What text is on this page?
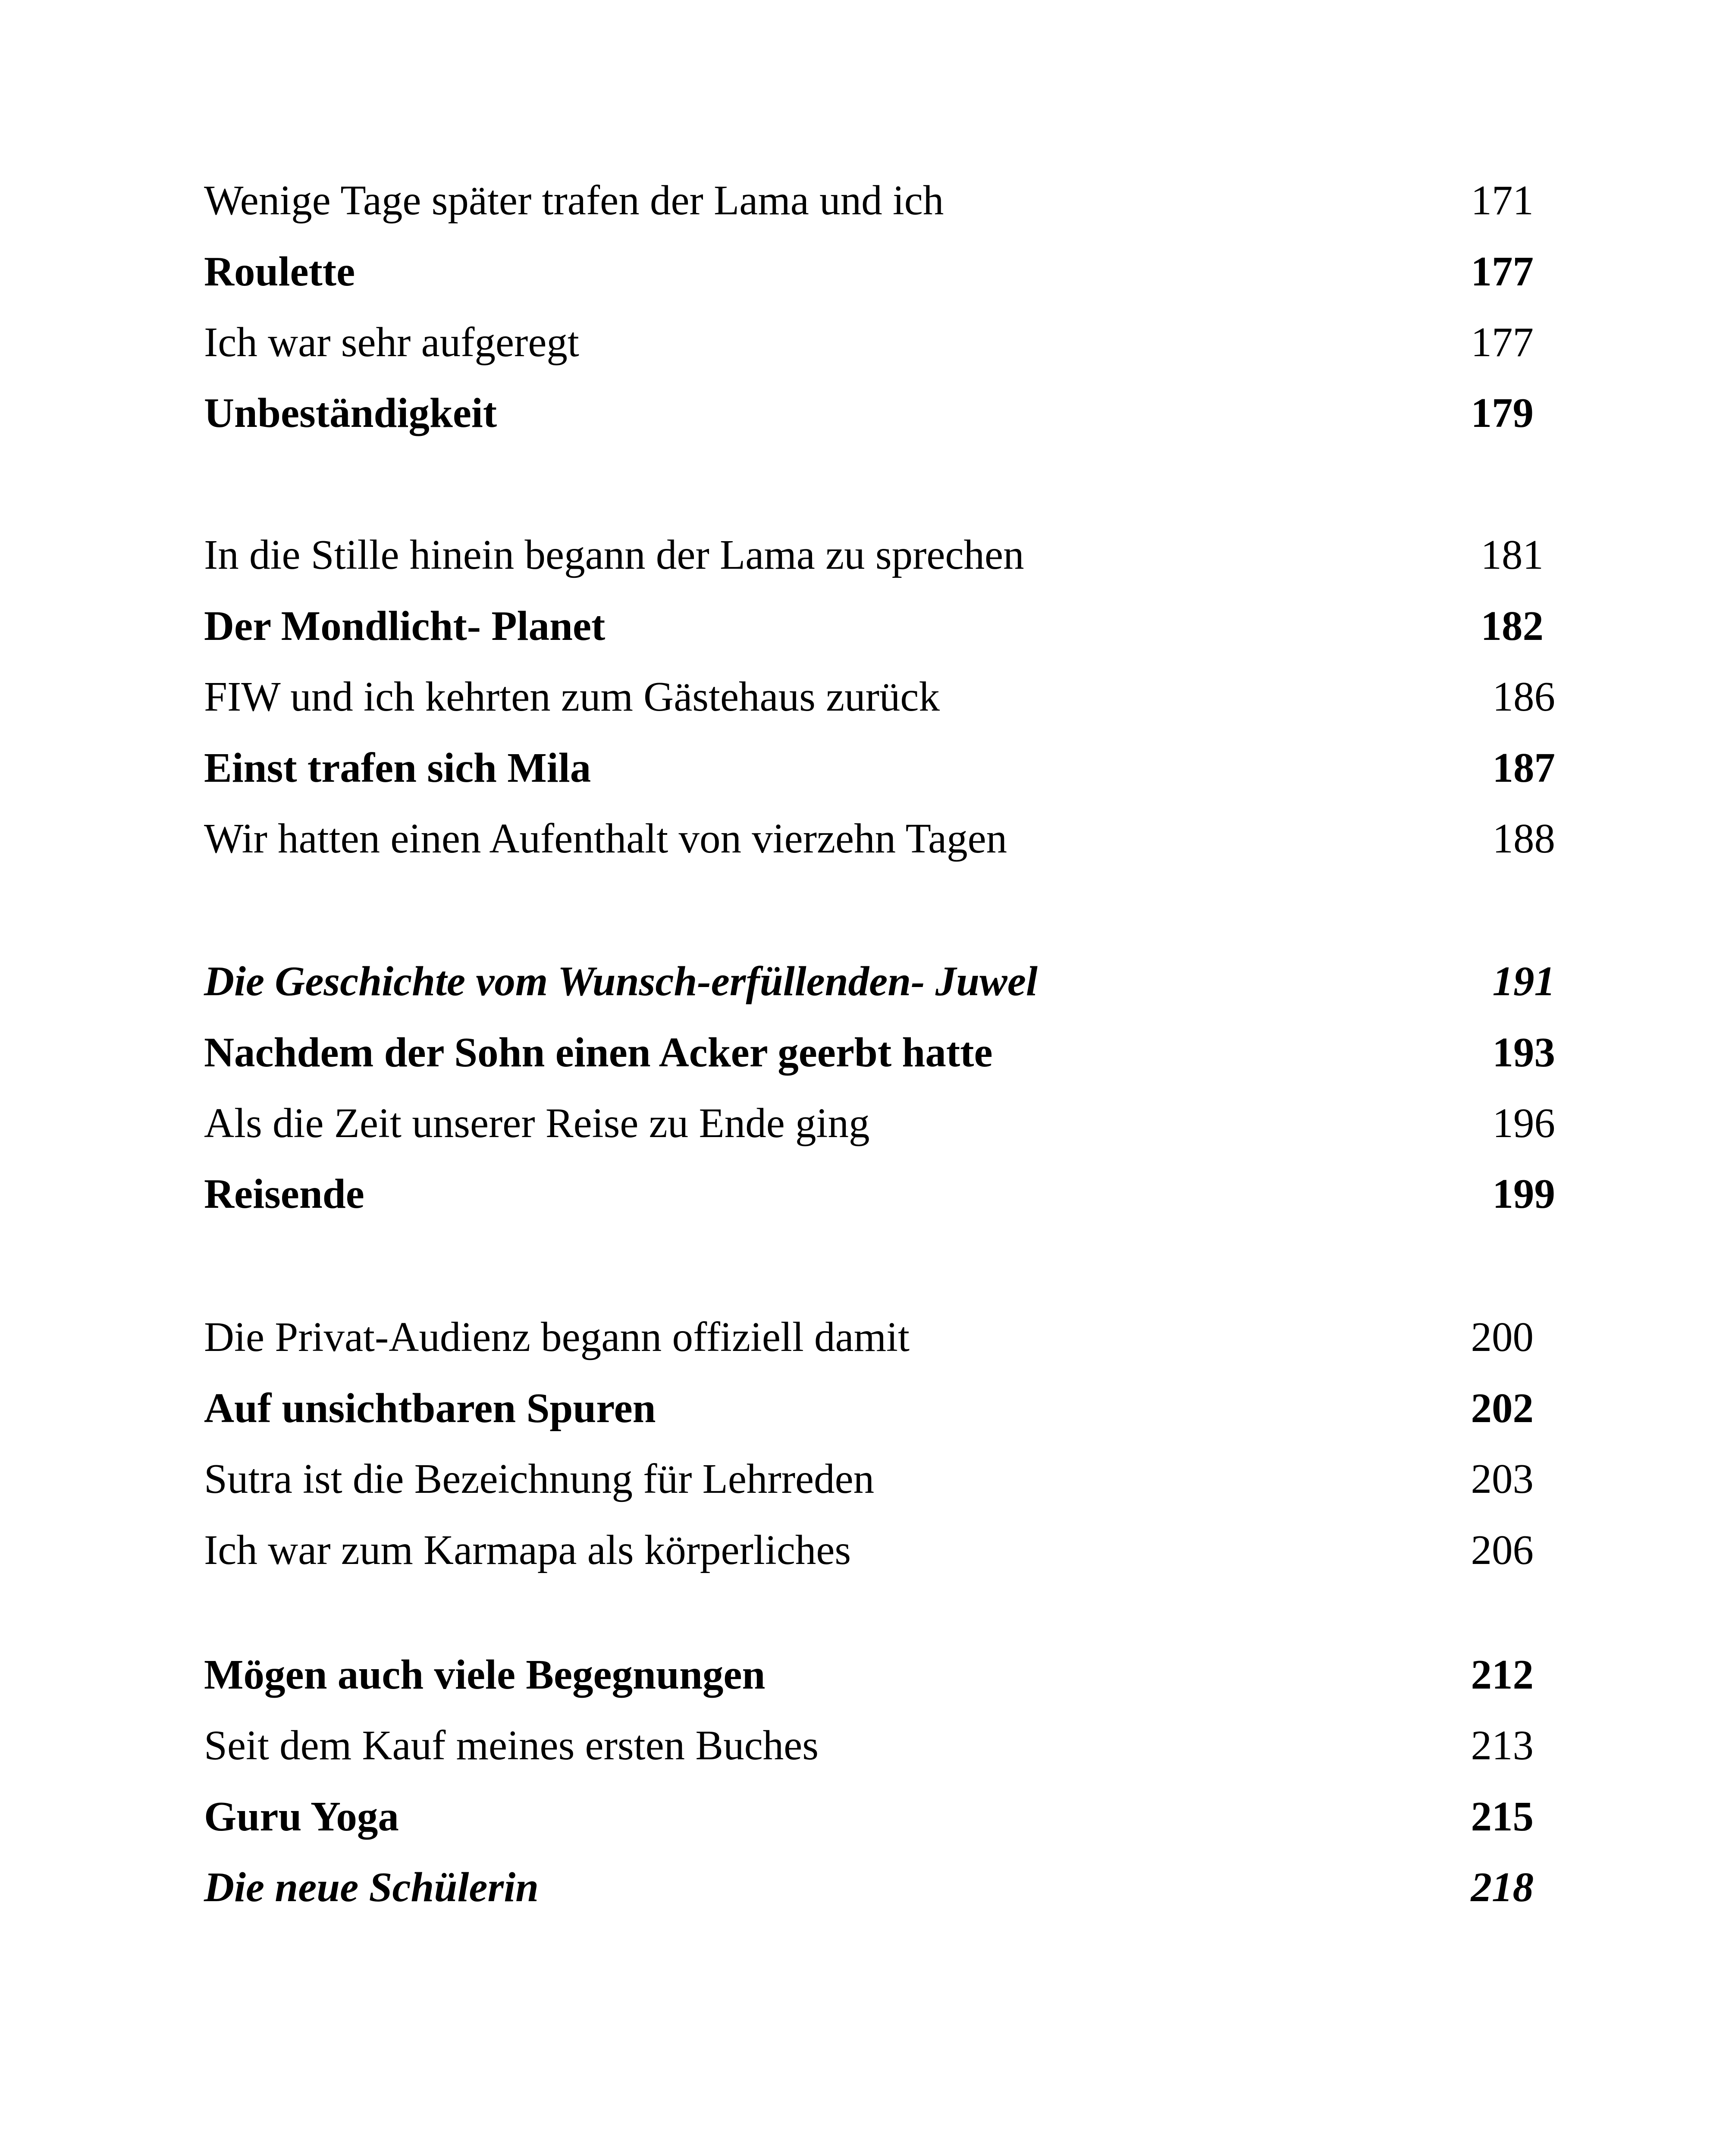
Wenige Tage später trafen der Lama und ich	171
Roulette	177
Ich war sehr aufgeregt	177
Unbeständigkeit	179
In die Stille hinein begann der Lama zu sprechen	181
Der Mondlicht- Planet	182
FIW und ich kehrten zum Gästehaus zurück	186
Einst trafen sich Mila	187
Wir hatten einen Aufenthalt von vierzehn Tagen	188
Die Geschichte vom Wunsch-erfüllenden- Juwel	191
Nachdem der Sohn einen Acker geerbt hatte	193
Als die Zeit unserer Reise zu Ende ging	196
Reisende	199
Die Privat-Audienz begann offiziell damit	200
Auf unsichtbaren Spuren	202
Sutra ist die Bezeichnung für Lehrreden	203
Ich war zum Karmapa als körperliches	206
Mögen auch viele Begegnungen	212
Seit dem Kauf meines ersten Buches	213
Guru Yoga	215
Die neue Schülerin	218
